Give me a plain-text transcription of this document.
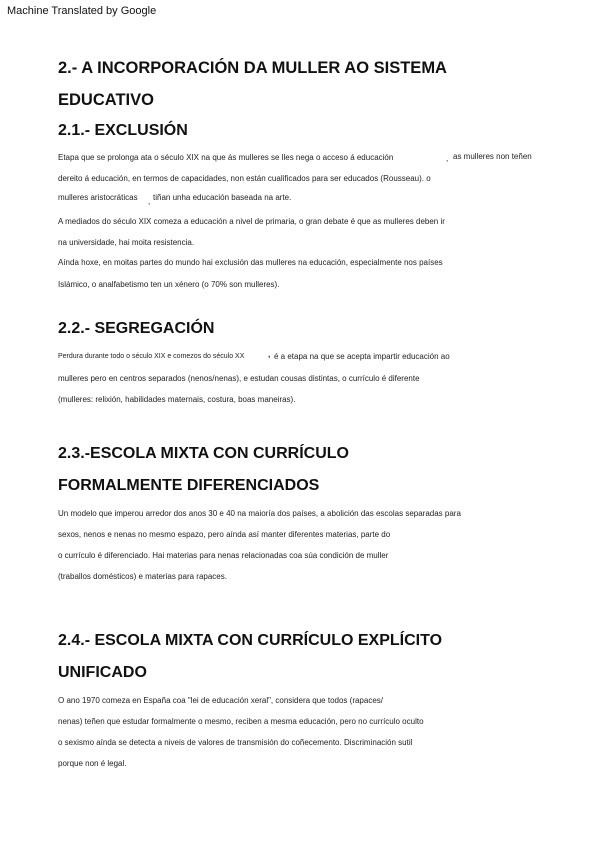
Machine Translated by Google
2.- A INCORPORACIÓN DA MULLER AO SISTEMA
EDUCATIVO
2.1.- EXCLUSIÓN

Etapa que se prolonga ata o século XIX na que ás mulleres se lles nega o acceso á educación	, as mulleres non teñen

dereito á educación, en termos de capacidades, non están cualificados para ser educados (Rousseau). o

mulleres aristocráticas , tiñan unha educación baseada na arte.

A mediados do século XIX comeza a educación a nivel de primaria, o gran debate é que as mulleres deben ir

na universidade, hai moita resistencia.

Aínda hoxe, en moitas partes do mundo hai exclusión das mulleres na educación, especialmente nos países

Islámico, o analfabetismo ten un xénero (o 70% son mulleres).

2.2.- SEGREGACIÓN

Perdura durante todo o século XIX e comezos do século XX	, é a etapa na que se acepta impartir educación ao

mulleres pero en centros separados (nenos/nenas), e estudan cousas distintas, o currículo é diferente

(mulleres: relixión, habilidades maternais, costura, boas maneiras).

2.3.-ESCOLA MIXTA CON CURRÍCULO
FORMALMENTE DIFERENCIADOS

Un modelo que imperou arredor dos anos 30 e 40 na maioría dos países, a abolición das escolas separadas para

sexos, nenos e nenas no mesmo espazo, pero aínda así manter diferentes materias, parte do

o currículo é diferenciado. Hai materias para nenas relacionadas coa súa condición de muller

(traballos domésticos) e materias para rapaces.

2.4.- ESCOLA MIXTA CON CURRÍCULO EXPLÍCITO
UNIFICADO

O ano 1970 comeza en España coa "lei de educación xeral", considera que todos (rapaces/

nenas) teñen que estudar formalmente o mesmo, reciben a mesma educación, pero no currículo oculto

o sexismo aínda se detecta a niveis de valores de transmisión do coñecemento. Discriminación sutil

porque non é legal.
